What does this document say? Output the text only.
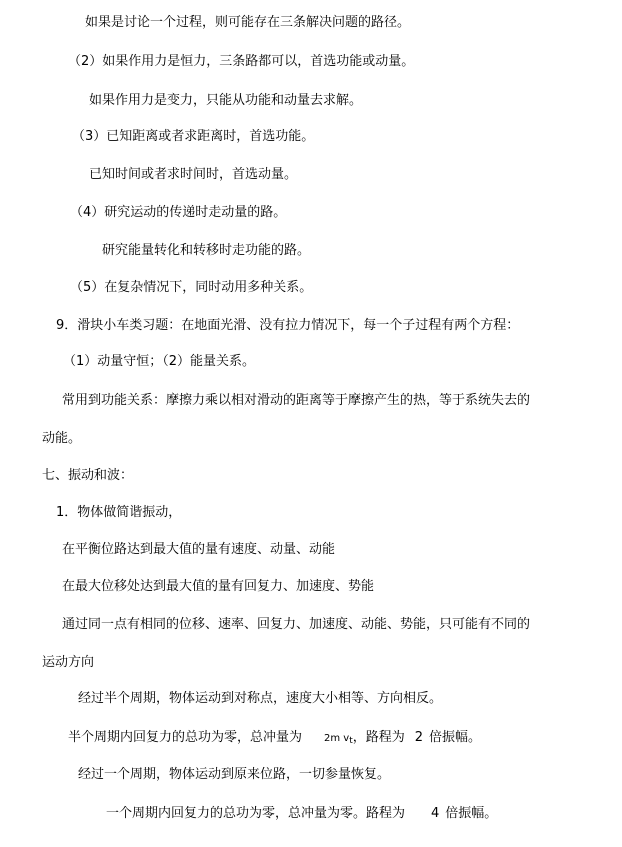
如果是讨论一个过程，则可能存在三条解决问题的路径。
（2）如果作用力是恒力，三条路都可以，首选功能或动量。
如果作用力是变力，只能从功能和动量去求解。
（3）已知距离或者求距离时，首选功能。
已知时间或者求时间时，首选动量。
（4）研究运动的传递时走动量的路。
研究能量转化和转移时走功能的路。
（5）在复杂情况下，同时动用多种关系。
9．滑块小车类习题：在地面光滑、没有拉力情况下，每一个子过程有两个方程：
（1）动量守恒；（2）能量关系。
常用到功能关系：摩擦力乘以相对滑动的距离等于摩擦产生的热，等于系统失去的
动能。
七、振动和波：
1．物体做简谐振动，
在平衡位路达到最大值的量有速度、动量、动能
在最大位移处达到最大值的量有回复力、加速度、势能
通过同一点有相同的位移、速率、回复力、加速度、动能、势能，只可能有不同的
运动方向
经过半个周期，物体运动到对称点，速度大小相等、方向相反。
半个周期内回复力的总功为零，总冲量为 2m $v_t$，路程为 2 倍振幅。
经过一个周期，物体运动到原来位路，一切参量恢复。
一个周期内回复力的总功为零，总冲量为零。路程为 4 倍振幅。
